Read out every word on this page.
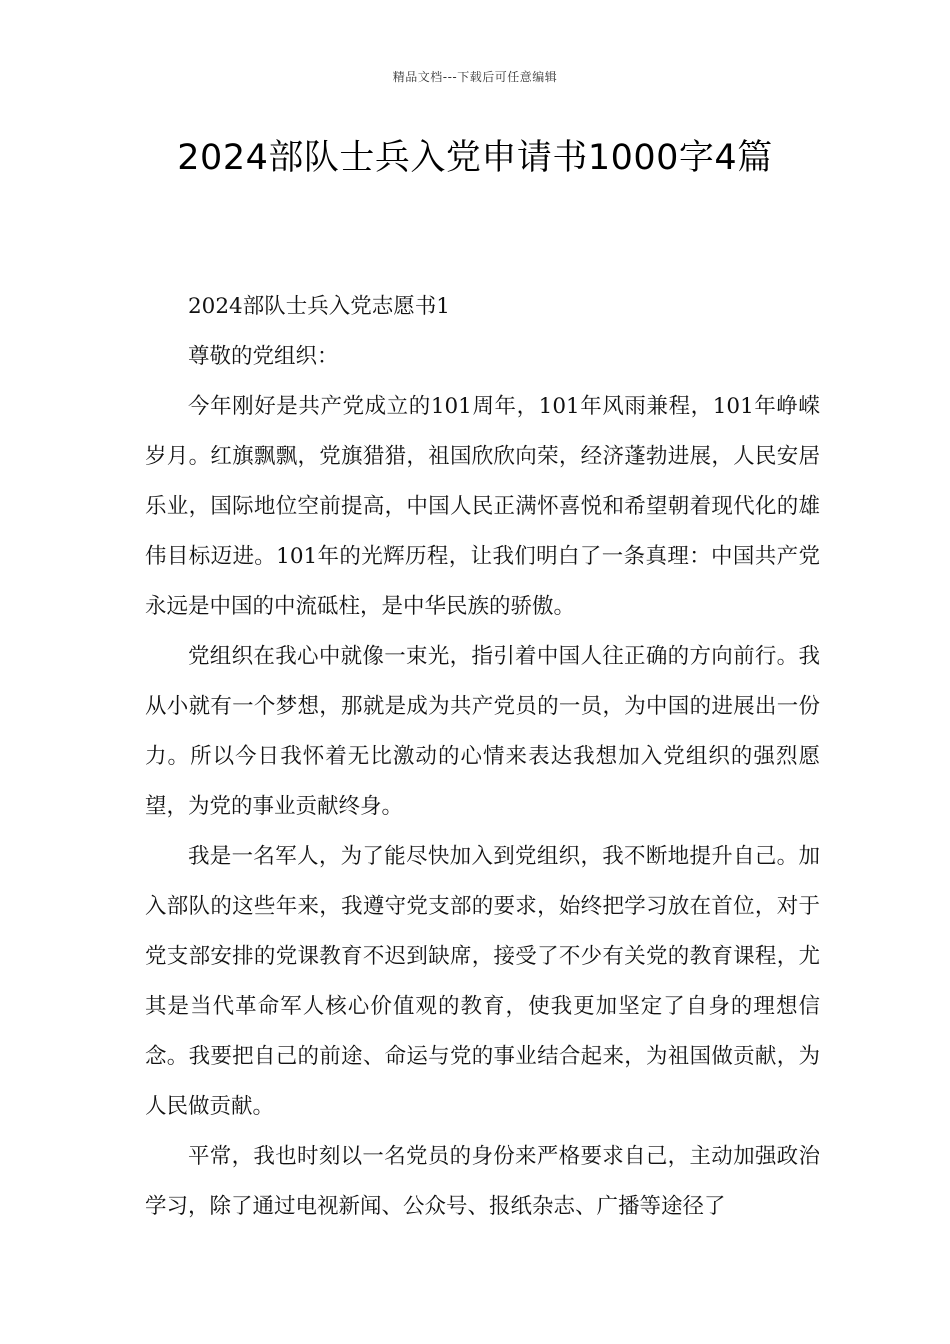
精品文档---下载后可任意编辑
2024部队士兵入党申请书1000字4篇

2024部队士兵入党志愿书1

尊敬的党组织：

今年刚好是共产党成立的101周年，101年风雨兼程，101年峥嵘岁月。红旗飘飘，党旗猎猎，祖国欣欣向荣，经济蓬勃进展，人民安居乐业，国际地位空前提高，中国人民正满怀喜悦和希望朝着现代化的雄伟目标迈进。101年的光辉历程，让我们明白了一条真理：中国共产党永远是中国的中流砥柱，是中华民族的骄傲。

党组织在我心中就像一束光，指引着中国人往正确的方向前行。我从小就有一个梦想，那就是成为共产党员的一员，为中国的进展出一份力。所以今日我怀着无比激动的心情来表达我想加入党组织的强烈愿望，为党的事业贡献终身。

我是一名军人，为了能尽快加入到党组织，我不断地提升自己。加入部队的这些年来，我遵守党支部的要求，始终把学习放在首位，对于党支部安排的党课教育不迟到缺席，接受了不少有关党的教育课程，尤其是当代革命军人核心价值观的教育，使我更加坚定了自身的理想信念。我要把自己的前途、命运与党的事业结合起来，为祖国做贡献，为人民做贡献。

平常，我也时刻以一名党员的身份来严格要求自己，主动加强政治学习，除了通过电视新闻、公众号、报纸杂志、广播等途径了
